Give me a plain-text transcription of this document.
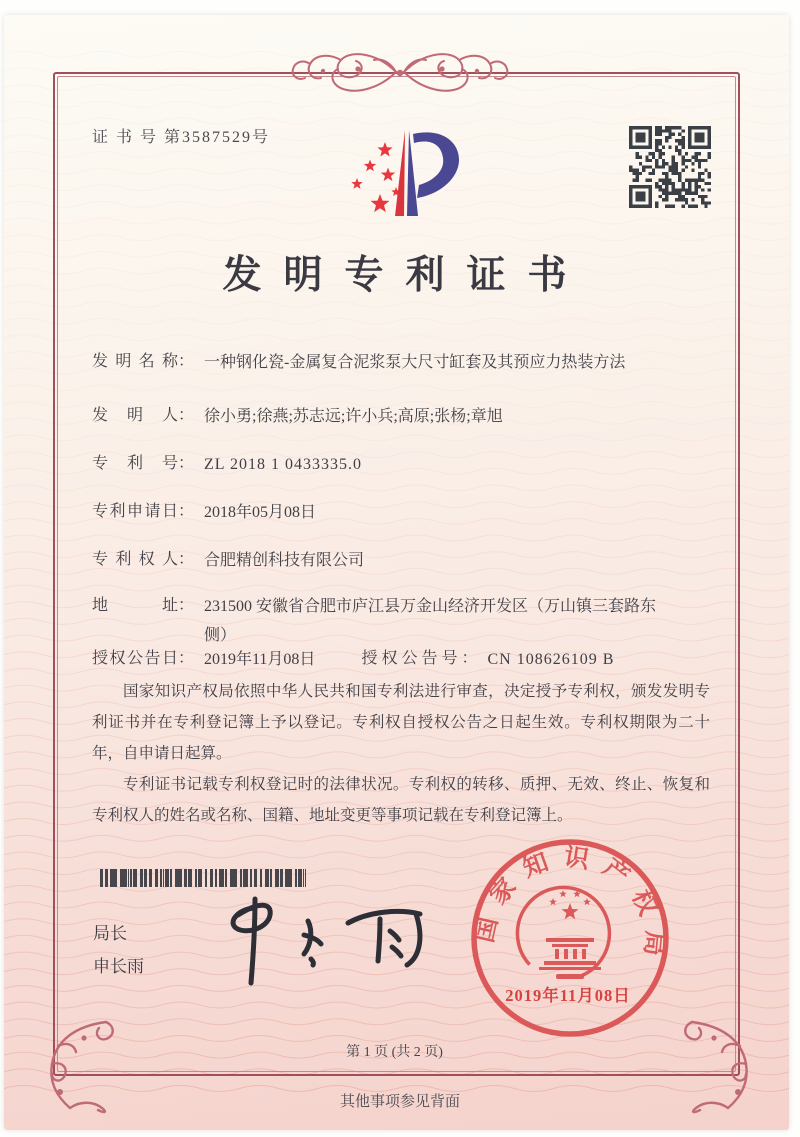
证 书 号 第3587529号
发明专利证书
发明名称： 一种钢化瓷-金属复合泥浆泵大尺寸缸套及其预应力热装方法
发明人： 徐小勇;徐燕;苏志远;许小兵;高原;张杨;章旭
专利号： ZL 2018 1 0433335.0
专利申请日： 2018年05月08日
专利权人： 合肥精创科技有限公司
地址： 231500 安徽省合肥市庐江县万金山经济开发区（万山镇三套路东侧）
授权公告日： 2019年11月08日	授权公告号： CN 108626109 B

国家知识产权局依照中华人民共和国专利法进行审查，决定授予专利权，颁发发明专利证书并在专利登记簿上予以登记。专利权自授权公告之日起生效。专利权期限为二十年，自申请日起算。

专利证书记载专利权登记时的法律状况。专利权的转移、质押、无效、终止、恢复和专利权人的姓名或名称、国籍、地址变更等事项记载在专利登记簿上。

局长
申长雨
国家知识产权局
2019年11月08日
第 1 页 (共 2 页)
其他事项参见背面
